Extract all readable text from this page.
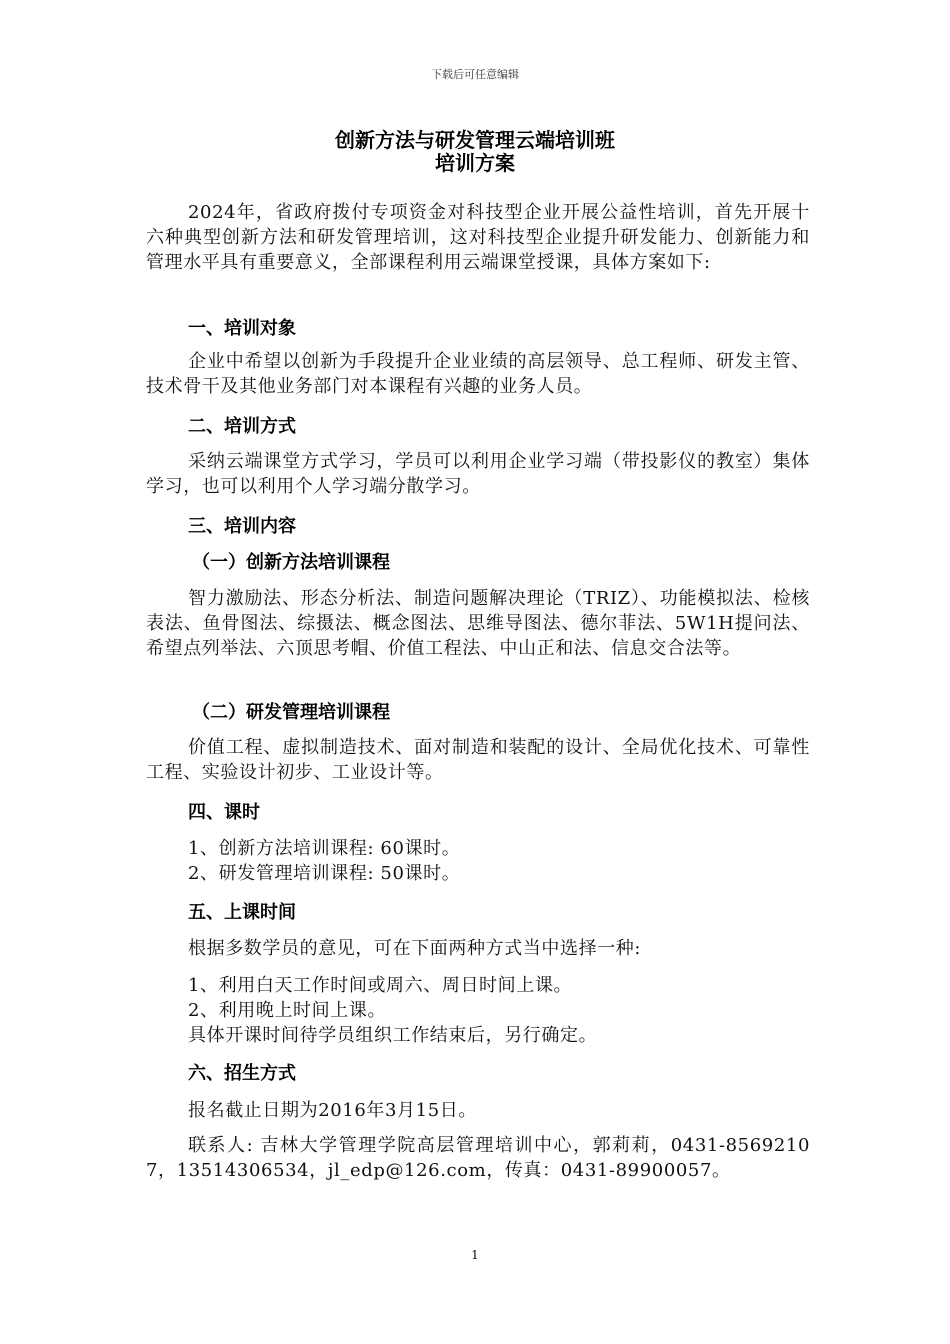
下载后可任意编辑
创新方法与研发管理云端培训班
培训方案

2024年，省政府拨付专项资金对科技型企业开展公益性培训，首先开展十六种典型创新方法和研发管理培训，这对科技型企业提升研发能力、创新能力和管理水平具有重要意义，全部课程利用云端课堂授课，具体方案如下:

一、培训对象

企业中希望以创新为手段提升企业业绩的高层领导、总工程师、研发主管、技术骨干及其他业务部门对本课程有兴趣的业务人员。

二、培训方式

采纳云端课堂方式学习，学员可以利用企业学习端（带投影仪的教室）集体学习，也可以利用个人学习端分散学习。

三、培训内容

（一）创新方法培训课程

智力激励法、形态分析法、制造问题解决理论（TRIZ）、功能模拟法、检核表法、鱼骨图法、综摄法、概念图法、思维导图法、德尔菲法、5W1H提问法、希望点列举法、六顶思考帽、价值工程法、中山正和法、信息交合法等。

（二）研发管理培训课程

价值工程、虚拟制造技术、面对制造和装配的设计、全局优化技术、可靠性工程、实验设计初步、工业设计等。

四、课时

1、创新方法培训课程: 60课时。

2、研发管理培训课程: 50课时。

五、上课时间

根据多数学员的意见，可在下面两种方式当中选择一种:

1、利用白天工作时间或周六、周日时间上课。

2、利用晚上时间上课。

具体开课时间待学员组织工作结束后，另行确定。

六、招生方式

报名截止日期为2016年3月15日。

联系人: 吉林大学管理学院高层管理培训中心，郭莉莉，0431-85692107，13514306534，jl_edp@126.com，传真：0431-89900057。

1
